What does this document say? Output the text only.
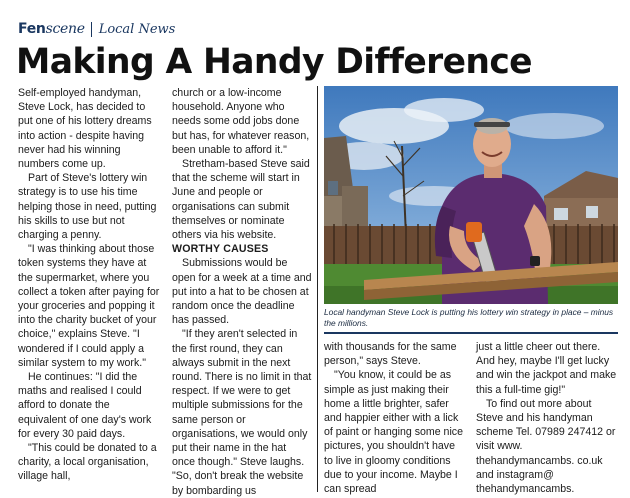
Fenscene Local News
Making A Handy Difference

Self-employed handyman, Steve Lock, has decided to put one of his lottery dreams into action - despite having never had his winning numbers come up.

Part of Steve's lottery win strategy is to use his time helping those in need, putting his skills to use but not charging a penny.

"I was thinking about those token systems they have at the supermarket, where you collect a token after paying for your groceries and popping it into the charity bucket of your choice," explains Steve. "I wondered if I could apply a similar system to my work."

He continues: "I did the maths and realised I could afford to donate the equivalent of one day's work for every 30 paid days.

"This could be donated to a charity, a local organisation, village hall,

church or a low-income household. Anyone who needs some odd jobs done but has, for whatever reason, been unable to afford it."

Stretham-based Steve said that the scheme will start in June and people or organisations can submit themselves or nominate others via his website.

WORTHY CAUSES

Submissions would be open for a week at a time and put into a hat to be chosen at random once the deadline has passed.

"If they aren't selected in the first round, they can always submit in the next round. There is no limit in that respect. If we were to get multiple submissions for the same person or organisations, we would only put their name in the hat once though." Steve laughs. "So, don't break the website by bombarding us

Local handyman Steve Lock is putting his lottery win strategy in place – minus the millions.

with thousands for the same person," says Steve.

"You know, it could be as simple as just making their home a little brighter, safer and happier either with a lick of paint or hanging some nice pictures, you shouldn't have to live in gloomy conditions due to your income. Maybe I can spread

just a little cheer out there. And hey, maybe I'll get lucky and win the jackpot and make this a full-time gig!"

To find out more about Steve and his handyman scheme Tel. 07989 247412 or visit www. thehandymancambs. co.uk and instagram@ thehandymancambs.
